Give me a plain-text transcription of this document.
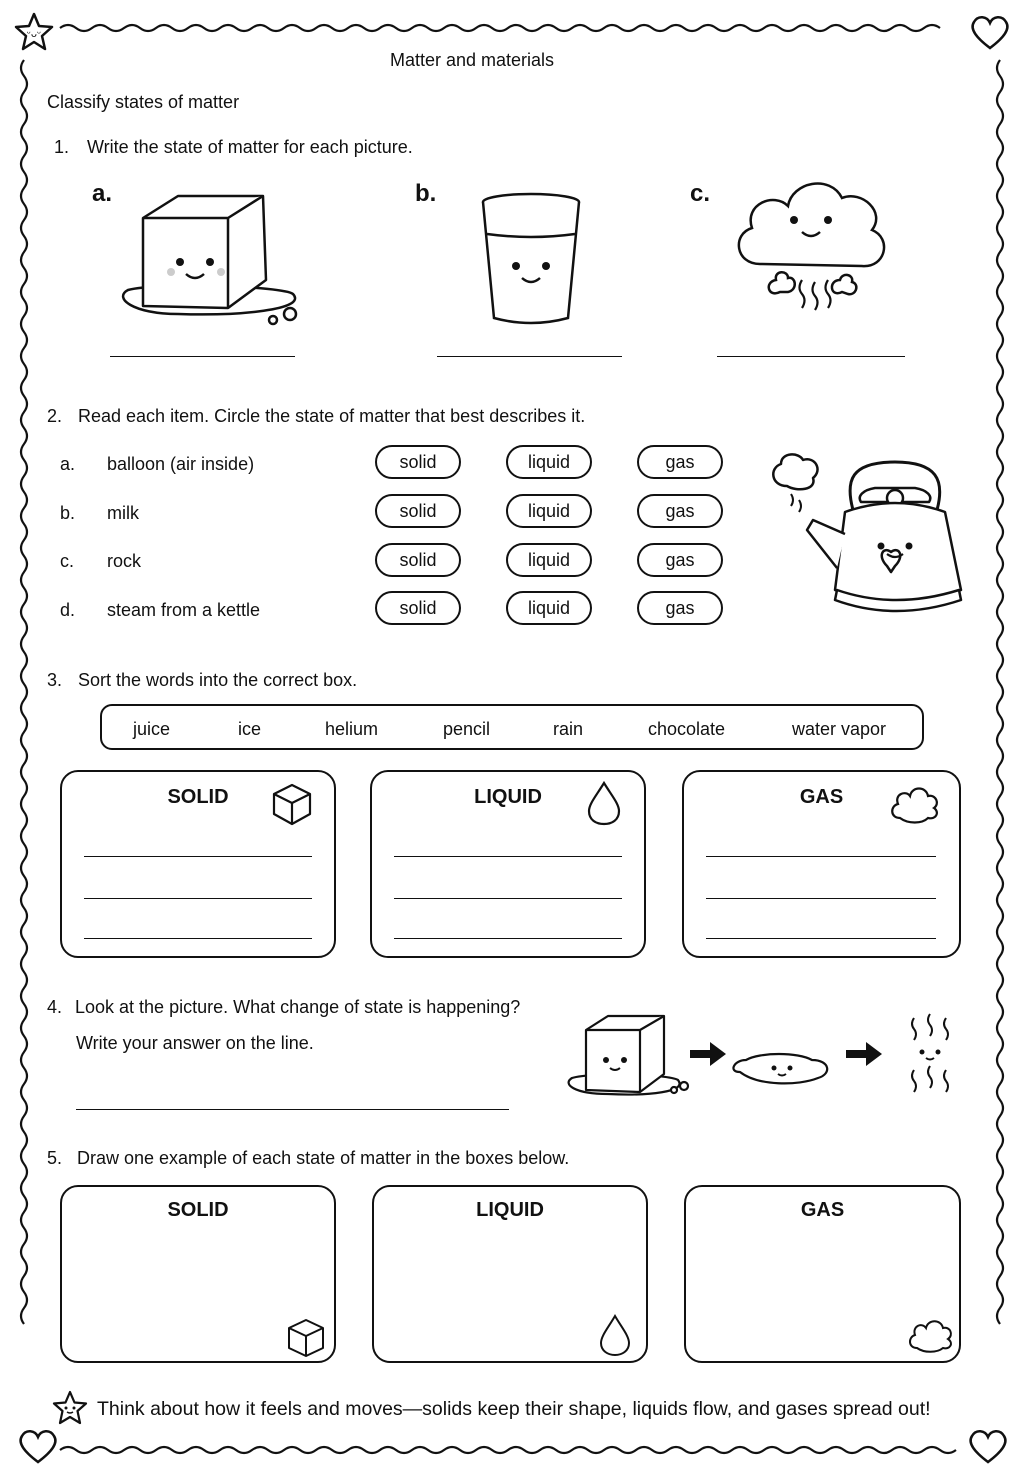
ᵕᴗᵕ
Matter and materials
Classify states of matter
1. Write the state of matter for each picture.
a.	b.	c.
2. Read each item. Circle the state of matter that best describes it.
a. balloon (air inside)	solid	liquid	gas
b. milk	solid	liquid	gas
c. rock	solid	liquid	gas
d. steam from a kettle	solid	liquid	gas
3. Sort the words into the correct box.
juice	ice	helium	pencil	rain	chocolate	water vapor
SOLID	LIQUID	GAS
4. Look at the picture. What change of state is happening?
Write your answer on the line.
5. Draw one example of each state of matter in the boxes below.
SOLID	LIQUID	GAS
Think about how it feels and moves—solids keep their shape, liquids flow, and gases spread out!
